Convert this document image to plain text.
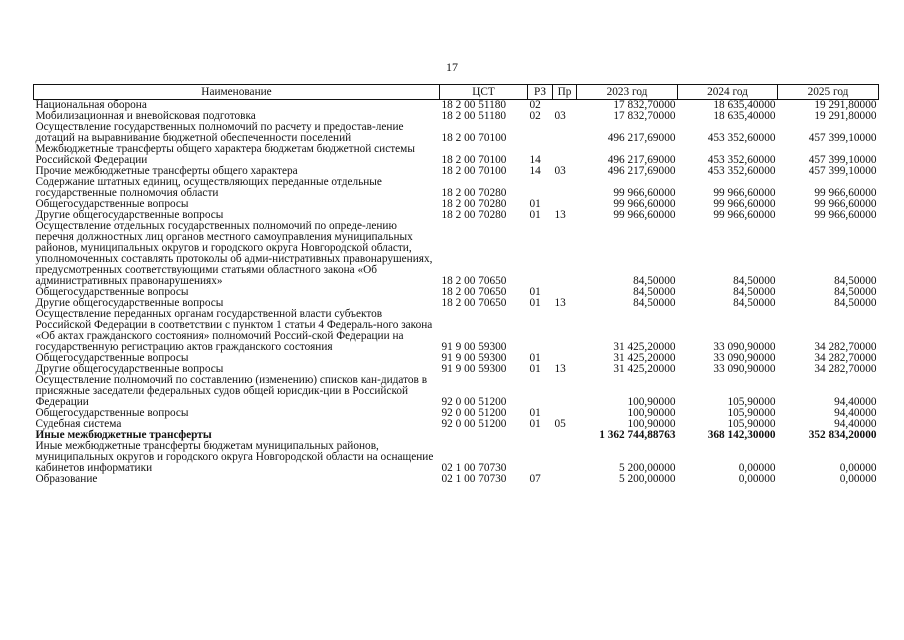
17
Наименование	ЦСТ	РЗ	Пр	2023 год	2024 год	2025 год
Национальная оборона	18 2 00 51180	02		17 832,70000	18 635,40000	19 291,80000
Мобилизационная и вневойсковая подготовка	18 2 00 51180	02	03	17 832,70000	18 635,40000	19 291,80000
Осуществление государственных полномочий по расчету и предостав-ление дотаций на выравнивание бюджетной обеспеченности поселений	18 2 00 70100			496 217,69000	453 352,60000	457 399,10000
Межбюджетные трансферты общего характера бюджетам бюджетной системы Российской Федерации	18 2 00 70100	14		496 217,69000	453 352,60000	457 399,10000
Прочие межбюджетные трансферты общего характера	18 2 00 70100	14	03	496 217,69000	453 352,60000	457 399,10000
Содержание штатных единиц, осуществляющих переданные отдельные государственные полномочия области	18 2 00 70280			99 966,60000	99 966,60000	99 966,60000
Общегосударственные вопросы	18 2 00 70280	01		99 966,60000	99 966,60000	99 966,60000
Другие общегосударственные вопросы	18 2 00 70280	01	13	99 966,60000	99 966,60000	99 966,60000
Осуществление отдельных государственных полномочий по опреде-лению перечня должностных лиц органов местного самоуправления муниципальных районов, муниципальных округов и городского округа Новгородской области, уполномоченных составлять протоколы об адми-нистративных правонарушениях, предусмотренных соответствующими статьями областного закона «Об административных правонарушениях»	18 2 00 70650			84,50000	84,50000	84,50000
Общегосударственные вопросы	18 2 00 70650	01		84,50000	84,50000	84,50000
Другие общегосударственные вопросы	18 2 00 70650	01	13	84,50000	84,50000	84,50000
Осуществление переданных органам государственной власти субъектов Российской Федерации в соответствии с пунктом 1 статьи 4 Федераль-ного закона «Об актах гражданского состояния» полномочий Россий-ской Федерации на государственную регистрацию актов гражданского состояния	91 9 00 59300			31 425,20000	33 090,90000	34 282,70000
Общегосударственные вопросы	91 9 00 59300	01		31 425,20000	33 090,90000	34 282,70000
Другие общегосударственные вопросы	91 9 00 59300	01	13	31 425,20000	33 090,90000	34 282,70000
Осуществление полномочий по составлению (изменению) списков кан-дидатов в присяжные заседатели федеральных судов общей юрисдик-ции в Российской Федерации	92 0 00 51200			100,90000	105,90000	94,40000
Общегосударственные вопросы	92 0 00 51200	01		100,90000	105,90000	94,40000
Судебная система	92 0 00 51200	01	05	100,90000	105,90000	94,40000
Иные межбюджетные трансферты				1 362 744,88763	368 142,30000	352 834,20000
Иные межбюджетные трансферты бюджетам муниципальных районов, муниципальных округов и городского округа Новгородской области на оснащение кабинетов информатики	02 1 00 70730			5 200,00000	0,00000	0,00000
Образование	02 1 00 70730	07		5 200,00000	0,00000	0,00000
